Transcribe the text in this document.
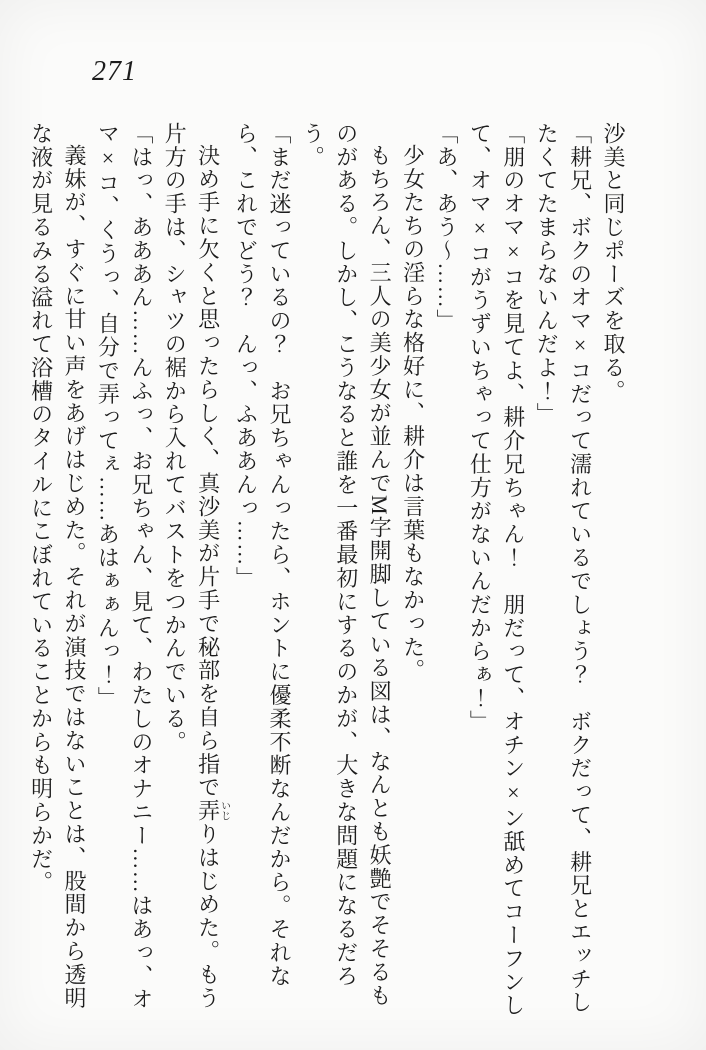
271

沙美と同じポーズを取る。

「耕兄、ボクのオマ×コだって濡れているでしょう？　ボクだって、耕兄とエッチしたくてたまらないんだよ！」

「朋のオマ×コを見てよ、耕介兄ちゃん！　朋だって、オチン×ン舐めてコーフンして、オマ×コがうずいちゃって仕方がないんだからぁ！」

「あ、あう〜……」

少女たちの淫らな格好に、耕介は言葉もなかった。

もちろん、三人の美少女が並んでM字開脚している図は、なんとも妖艶でそそるものがある。しかし、こうなると誰を一番最初にするのかが、大きな問題になるだろう。

「まだ迷っているの？　お兄ちゃんったら、ホントに優柔不断なんだから。それなら、これでどう？　んっ、ふああんっ……」

決め手に欠くと思ったらしく、真沙美が片手で秘部を自ら指で弄いじりはじめた。もう片方の手は、シャツの裾から入れてバストをつかんでいる。

「はっ、あああん……んふっ、お兄ちゃん、見て、わたしのオナニー……はあっ、オマ×コ、くうっ、自分で弄ってぇ……あはぁぁんっ！」

義妹が、すぐに甘い声をあげはじめた。それが演技ではないことは、股間から透明な液が見るみる溢れて浴槽のタイルにこぼれていることからも明らかだ。
